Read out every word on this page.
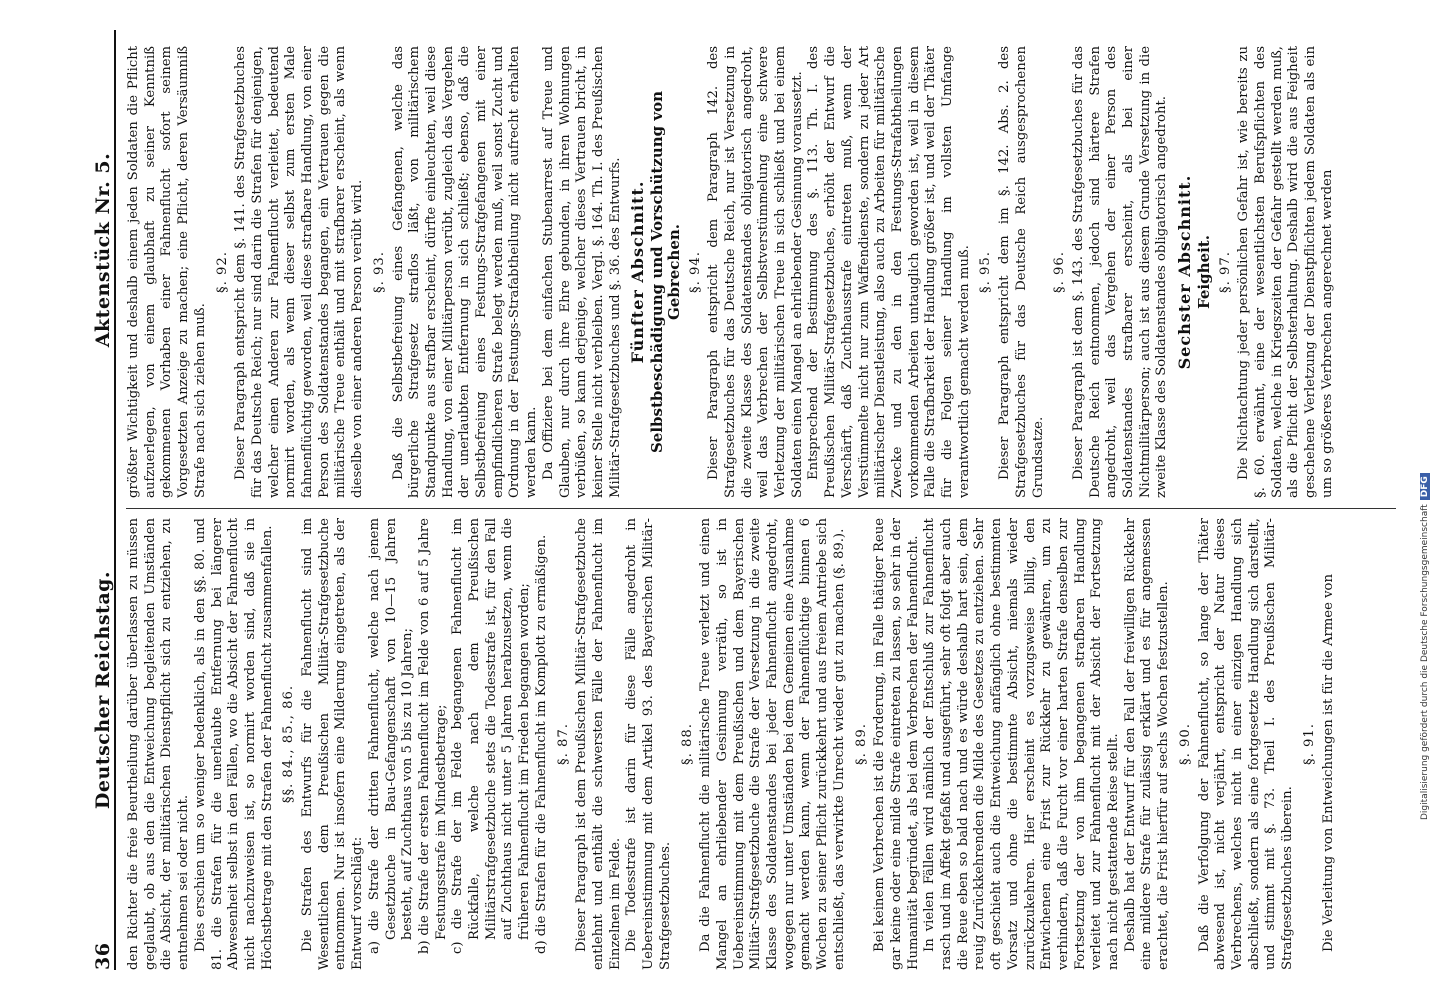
36
Deutscher Reichstag.
Aktenstück Nr. 5.

den Richter die freie Beurtheilung darüber überlassen zu müssen geglaubt, ob aus den die Entweichung begleitenden Umständen die Absicht, der militärischen Dienstpflicht sich zu entziehen, zu entnehmen sei oder nicht. Dies erschien um so weniger bedenklich, als in den §§. 80. und 81. die Strafen für die unerlaubte Entfernung bei längerer Abwesenheit selbst in den Fällen, wo die Absicht der Fahnenflucht nicht nachzuweisen ist, so normirt worden sind, daß sie in Höchstbetrage mit den Strafen der Fahnenflucht zusammenfallen. §§. 84., 85., 86. Die Strafen des Entwurfs für die Fahnenflucht sind im Wesentlichen dem Preußischen Militär-Strafgesetzbuche entnommen. Nur ist insofern eine Milderung eingetreten, als der Entwurf vorschlägt: a) die Strafe der dritten Fahnenflucht, welche nach jenem Gesetzbuche in Bau-Gefangenschaft von 10—15 Jahren besteht, auf Zuchthaus von 5 bis zu 10 Jahren; b) die Strafe der ersten Fahnenflucht im Felde von 6 auf 5 Jahre Festungsstrafe im Mindestbetrage; c) die Strafe der im Felde begangenen Fahnenflucht im Rückfalle, welche nach dem Preußischen Militärstrafgesetzbuche stets die Todesstrafe ist, für den Fall auf Zuchthaus nicht unter 5 Jahren herabzusetzen, wenn die früheren Fahnenflucht im Frieden begangen worden; d) die Strafen für die Fahnenflucht im Komplott zu ermäßigen. §. 87. Dieser Paragraph ist dem Preußischen Militär-Strafgesetzbuche entlehnt und enthält die schwersten Fälle der Fahnenflucht im Einzelnen im Felde. Die Todesstrafe ist darin für diese Fälle angedroht in Uebereinstimmung mit dem Artikel 93. des Bayerischen Militär-Strafgesetzbuches.

§. 88. Da die Fahnenflucht die militärische Treue verletzt und einen Mangel an ehrliebender Gesinnung verräth, so ist in Uebereinstimmung mit dem Preußischen und dem Bayerischen Militär-Strafgesetzbuche die Strafe der Versetzung in die zweite Klasse des Soldatenstandes bei jeder Fahnenflucht angedroht, wogegen nur unter Umständen bei dem Gemeinen eine Ausnahme gemacht werden kann, wenn der Fahnenflüchtige binnen 6 Wochen zu seiner Pflicht zurückkehrt und aus freiem Antriebe sich entschließt, das verwirkte Unrecht wieder gut zu machen (§. 89.). §. 89. Bei keinem Verbrechen ist die Forderung, im Falle thätiger Reue gar keine oder eine milde Strafe eintreten zu lassen, so sehr in der Humanität begründet, als bei dem Verbrechen der Fahnenflucht. In vielen Fällen wird nämlich der Entschluß zur Fahnenflucht rasch und im Affekt gefaßt und ausgeführt, sehr oft folgt aber auch die Reue eben so bald nach und es würde deshalb hart sein, dem reuig Zurückkehrenden die Milde des Gesetzes zu entziehen. Sehr oft geschieht auch die Entweichung anfänglich ohne bestimmten Vorsatz und ohne die bestimmte Absicht, niemals wieder zurückzukehren. Hier erscheint es vorzugsweise billig, den Entwichenen eine Frist zur Rückkehr zu gewähren, um zu verhindern, daß die Furcht vor einer harten Strafe denselben zur Fortsetzung der von ihm begangenen strafbaren Handlung verleitet und zur Fahnenflucht mit der Absicht der Fortsetzung nach nicht gestattende Reise stellt. Deshalb hat der Entwurf für den Fall der freiwilligen Rückkehr eine mildere Strafe für zulässig erklärt und es für angemessen erachtet, die Frist hierfür auf sechs Wochen festzustellen. §. 90. Daß die Verfolgung der Fahnenflucht, so lange der Thäter abwesend ist, nicht verjährt, entspricht der Natur dieses Verbrechens, welches nicht in einer einzigen Handlung sich abschließt, sondern als eine fortgesetzte Handlung sich darstellt, und stimmt mit §. 73. Theil I. des Preußischen Militär-Strafgesetzbuches überein.

§. 91. Die Verleitung von Entweichungen ist für die Armee von

größter Wichtigkeit und deshalb einem jeden Soldaten die Pflicht aufzuerlegen, von einem glaubhaft zu seiner Kenntniß gekommenen Vorhaben einer Fahnenflucht sofort seinem Vorgesetzten Anzeige zu machen; eine Pflicht, deren Versäumniß Strafe nach sich ziehen muß.

§. 92. Dieser Paragraph entspricht dem §. 141. des Strafgesetzbuches für das Deutsche Reich; nur sind darin die Strafen für denjenigen, welcher einen Anderen zur Fahnenflucht verleitet, bedeutend normirt worden, als wenn dieser selbst zum ersten Male fahnenflüchtig geworden, weil diese strafbare Handlung, von einer Person des Soldatenstandes begangen, ein Vertrauen gegen die militärische Treue enthält und mit strafbarer erscheint, als wenn dieselbe von einer anderen Person verübt wird. §. 93. Daß die Selbstbefreiung eines Gefangenen, welche das bürgerliche Strafgesetz straflos läßt, von militärischem Standpunkte aus strafbar erscheint, dürfte einleuchten, weil diese Handlung, von einer Militärperson verübt, zugleich das Vergehen der unerlaubten Entfernung in sich schließt; ebenso, daß die Selbstbefreiung eines Festungs-Strafgefangenen mit einer empfindlicheren Strafe belegt werden muß, weil sonst Zucht und Ordnung in der Festungs-Strafabtheilung nicht aufrecht erhalten werden kann. Da Offiziere bei dem einfachen Stubenarrest auf Treue und Glauben, nur durch ihre Ehre gebunden, in ihren Wohnungen verbüßen, so kann derjenige, welcher dieses Vertrauen bricht, in keiner Stelle nicht verbleiben. Vergl. §. 164. Th. I. des Preußischen Militär-Strafgesetzbuches und §. 36. des Entwurfs. Fünfter Abschnitt. Selbstbeschädigung und Vorschützung von Gebrechen. §. 94. Dieser Paragraph entspricht dem Paragraph 142. des Strafgesetzbuches für das Deutsche Reich, nur ist Versetzung in die zweite Klasse des Soldatenstandes obligatorisch angedroht, weil das Verbrechen der Selbstverstümmelung eine schwere Verletzung der militärischen Treue in sich schließt und bei einem Soldaten einen Mangel an ehrliebender Gesinnung voraussetzt. Entsprechend der Bestimmung des §. 113. Th. I. des Preußischen Militär-Strafgesetzbuches, erhöht der Entwurf die Verschärft, daß Zuchthausstrafe eintreten muß, wenn der Verstümmelte nicht nur zum Waffendienste, sondern zu jeder Art militärischer Dienstleistung, also auch zu Arbeiten für militärische Zwecke und zu den in den Festungs-Strafabtheilungen vorkommenden Arbeiten untauglich geworden ist, weil in diesem Falle die Strafbarkeit der Handlung größer ist, und weil der Thäter für die Folgen seiner Handlung im vollsten Umfange verantwortlich gemacht werden muß. §. 95. Dieser Paragraph entspricht dem im §. 142. Abs. 2. des Strafgesetzbuches für das Deutsche Reich ausgesprochenen Grundsatze.

§. 96. Dieser Paragraph ist dem §. 143. des Strafgesetzbuches für das Deutsche Reich entnommen, jedoch sind härtere Strafen angedroht, weil das Vergehen der einer Person des Soldatenstandes strafbarer erscheint, als bei einer Nichtmilitärperson; auch ist aus diesem Grunde Versetzung in die zweite Klasse des Soldatenstandes obligatorisch angedroht. Sechster Abschnitt. Feigheit. §. 97. Die Nichtachtung jeder persönlichen Gefahr ist, wie bereits zu §. 60. erwähnt, eine der wesentlichsten Berufspflichten des Soldaten, welche in Kriegszeiten der Gefahr gestellt werden muß, als die Pflicht der Selbsterhaltung. Deshalb wird die aus Feigheit geschehene Verletzung der Dienstpflichten jedem Soldaten als ein um so größeres Verbrechen angerechnet werden

Digitalisierung gefördert durch die Deutsche ForschungsgemeinschaftDFG
